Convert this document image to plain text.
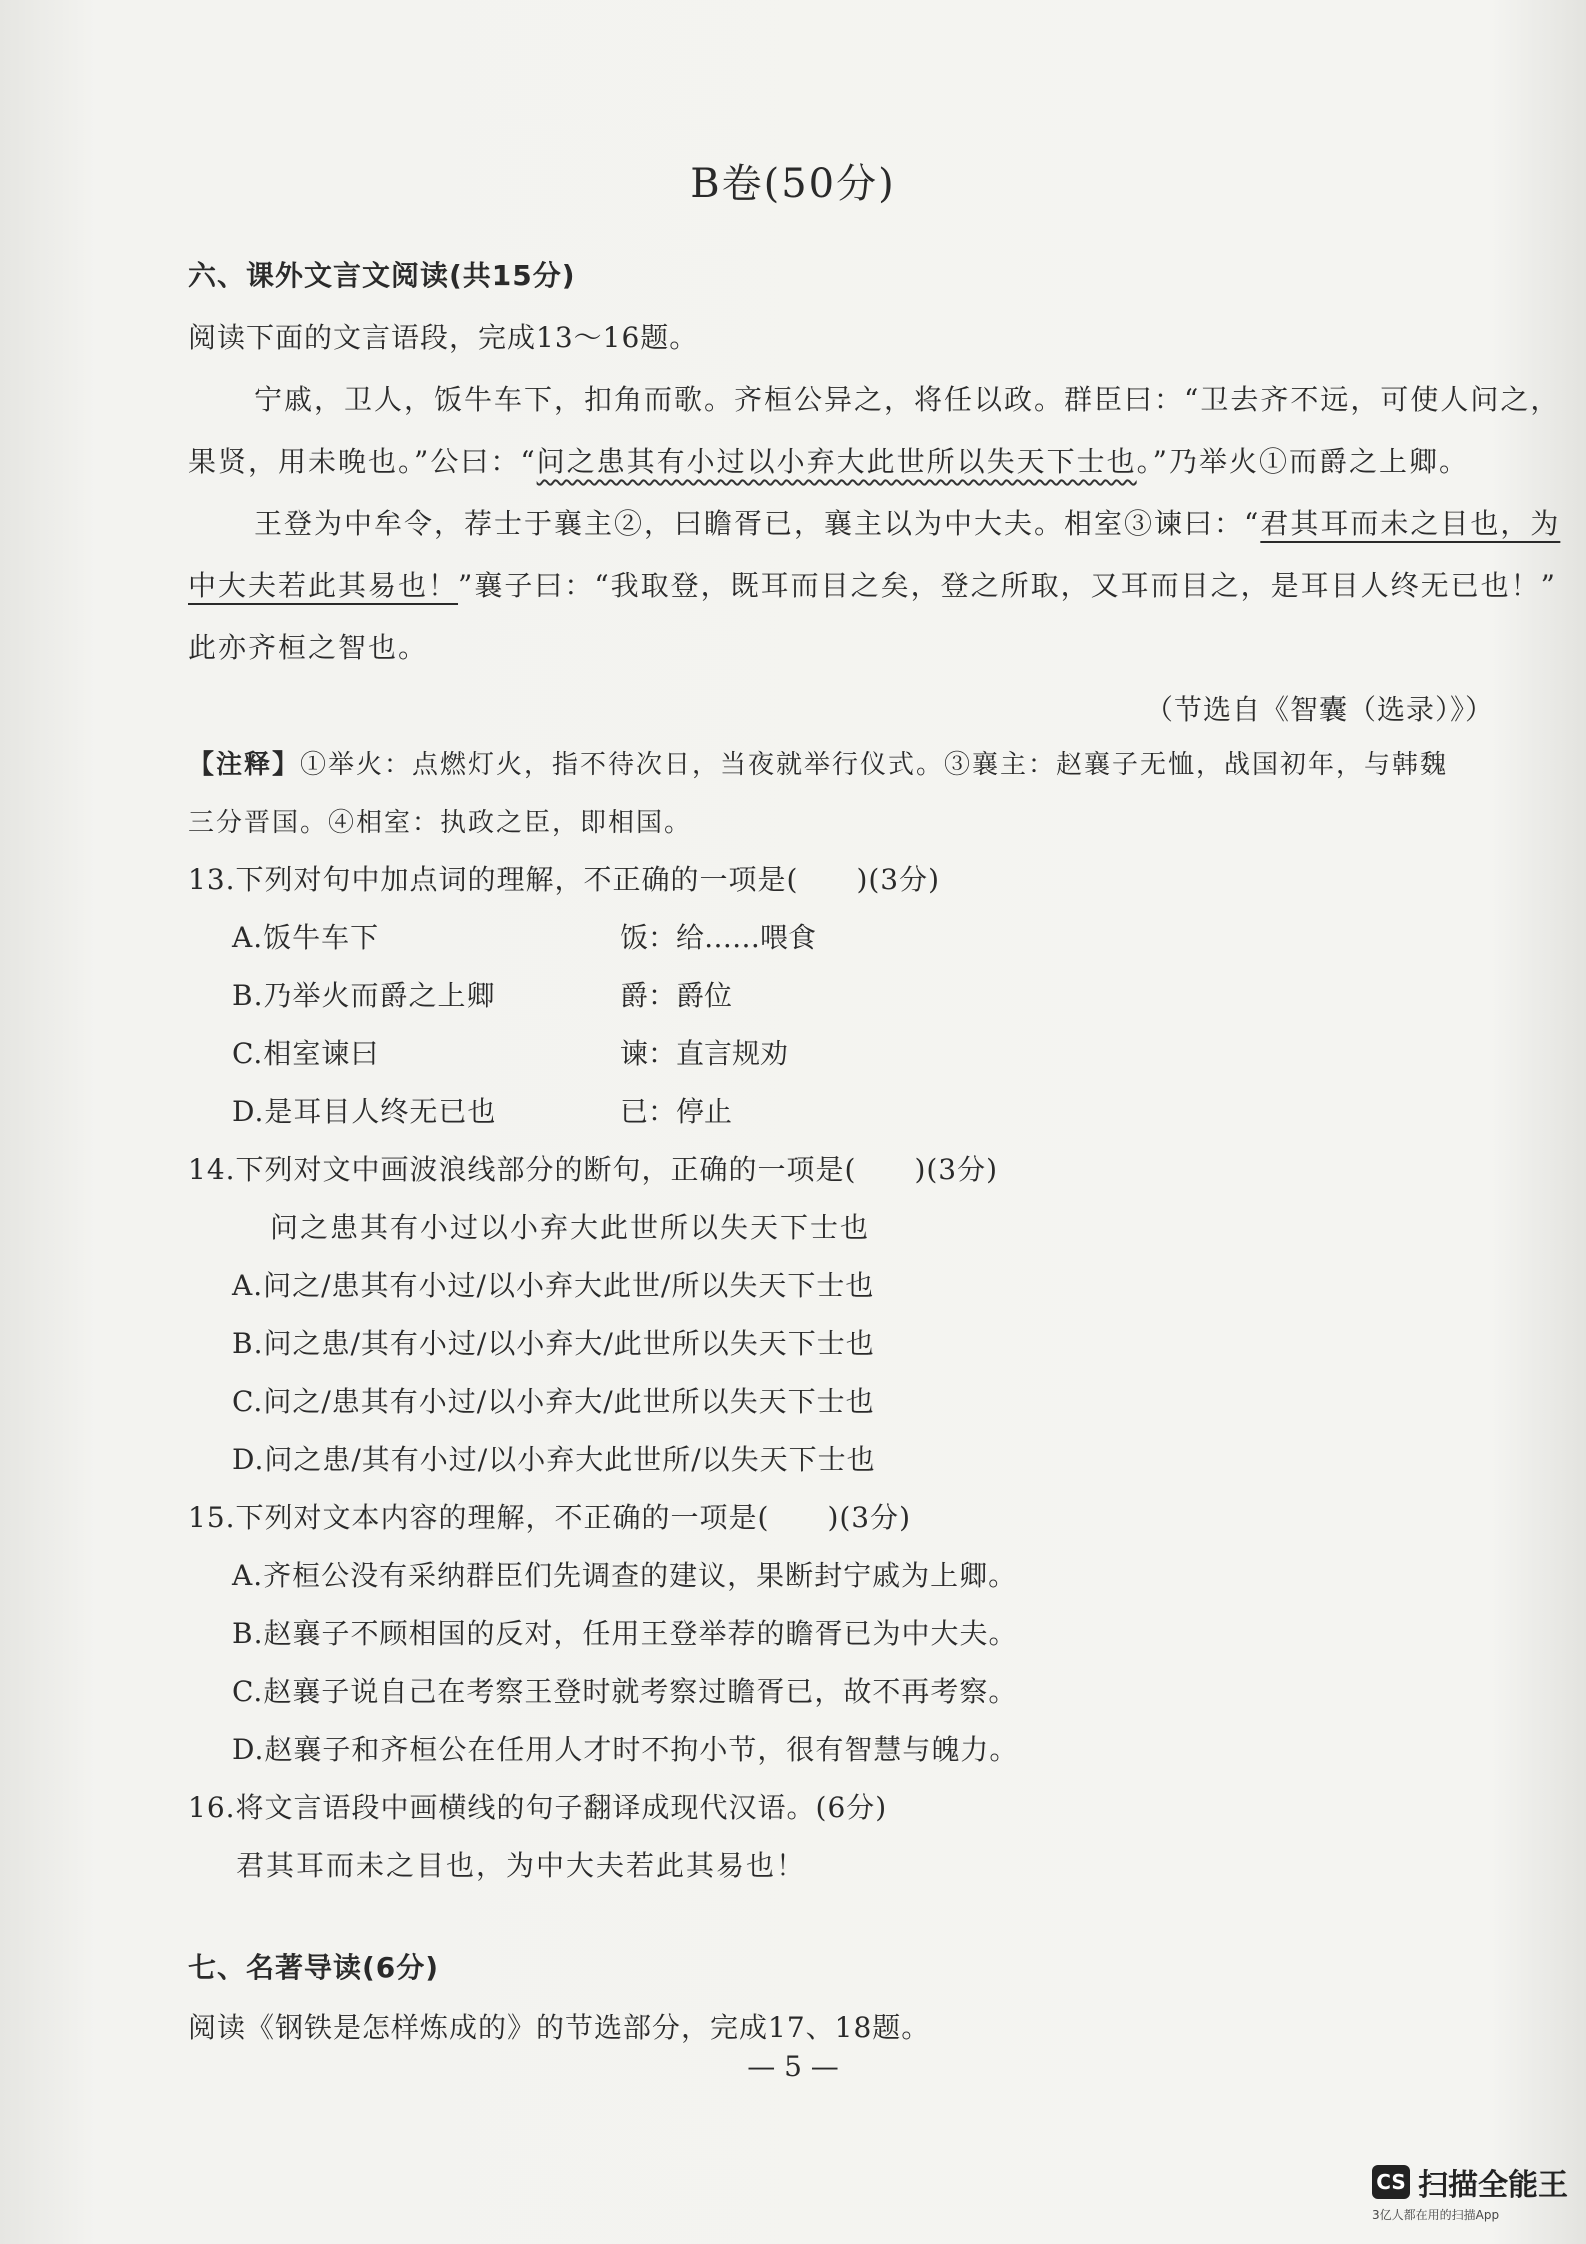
B卷(50分)
六、课外文言文阅读(共15分)
阅读下面的文言语段，完成13～16题。
宁戚，卫人，饭牛车下，扣角而歌。齐桓公异之，将任以政。群臣曰：“卫去齐不远，可使人问之，
果贤，用未晚也。”公曰：“问之患其有小过以小弃大此世所以失天下士也。”乃举火①而爵之上卿。
王登为中牟令，荐士于襄主②，曰瞻胥已，襄主以为中大夫。相室③谏曰：“君其耳而未之目也，为
中大夫若此其易也！”襄子曰：“我取登，既耳而目之矣，登之所取，又耳而目之，是耳目人终无已也！”
此亦齐桓之智也。
（节选自《智囊（选录）》）
【注释】①举火：点燃灯火，指不待次日，当夜就举行仪式。③襄主：赵襄子无恤，战国初年，与韩魏
三分晋国。④相室：执政之臣，即相国。
13.下列对句中加点词的理解，不正确的一项是(　　)(3分)
A.饭牛车下	饭：给……喂食
B.乃举火而爵之上卿	爵：爵位
C.相室谏曰	谏：直言规劝
D.是耳目人终无已也	已：停止
14.下列对文中画波浪线部分的断句，正确的一项是(　　)(3分)
问之患其有小过以小弃大此世所以失天下士也
A.问之/患其有小过/以小弃大此世/所以失天下士也
B.问之患/其有小过/以小弃大/此世所以失天下士也
C.问之/患其有小过/以小弃大/此世所以失天下士也
D.问之患/其有小过/以小弃大此世所/以失天下士也
15.下列对文本内容的理解，不正确的一项是(　　)(3分)
A.齐桓公没有采纳群臣们先调查的建议，果断封宁戚为上卿。
B.赵襄子不顾相国的反对，任用王登举荐的瞻胥已为中大夫。
C.赵襄子说自己在考察王登时就考察过瞻胥已，故不再考察。
D.赵襄子和齐桓公在任用人才时不拘小节，很有智慧与魄力。
16.将文言语段中画横线的句子翻译成现代汉语。(6分)
君其耳而未之目也，为中大夫若此其易也！
七、名著导读(6分)
阅读《钢铁是怎样炼成的》的节选部分，完成17、18题。
— 5 —
CS 扫描全能王
3亿人都在用的扫描App
